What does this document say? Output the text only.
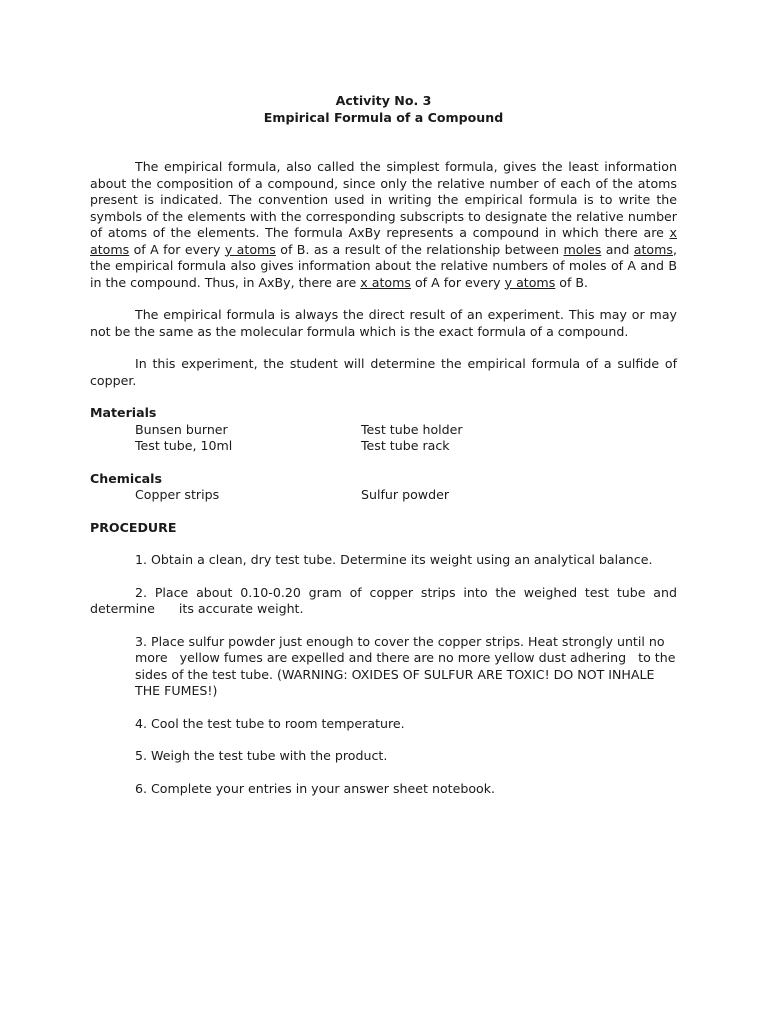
Activity No. 3
Empirical Formula of a Compound

The empirical formula, also called the simplest formula, gives the least information about the composition of a compound, since only the relative number of each of the atoms present is indicated. The convention used in writing the empirical formula is to write the symbols of the elements with the corresponding subscripts to designate the relative number of atoms of the elements. The formula AxBy represents a compound in which there are x atoms of A for every y atoms of B. as a result of the relationship between moles and atoms, the empirical formula also gives information about the relative numbers of moles of A and B in the compound. Thus, in AxBy, there are x atoms of A for every y atoms of B.

The empirical formula is always the direct result of an experiment. This may or may not be the same as the molecular formula which is the exact formula of a compound.

In this experiment, the student will determine the empirical formula of a sulfide of copper.

Materials

Bunsen burner	Test tube holder
Test tube, 10ml	Test tube rack

Chemicals

Copper strips	Sulfur powder

PROCEDURE

1. Obtain a clean, dry test tube. Determine its weight using an analytical balance.

2. Place about 0.10-0.20 gram of copper strips into the weighed test tube and determine      its accurate weight.

3. Place sulfur powder just enough to cover the copper strips. Heat strongly until no more   yellow fumes are expelled and there are no more yellow dust adhering   to the sides of the test tube. (WARNING: OXIDES OF SULFUR ARE TOXIC! DO NOT INHALE THE FUMES!)

4. Cool the test tube to room temperature.

5. Weigh the test tube with the product.

6. Complete your entries in your answer sheet notebook.
